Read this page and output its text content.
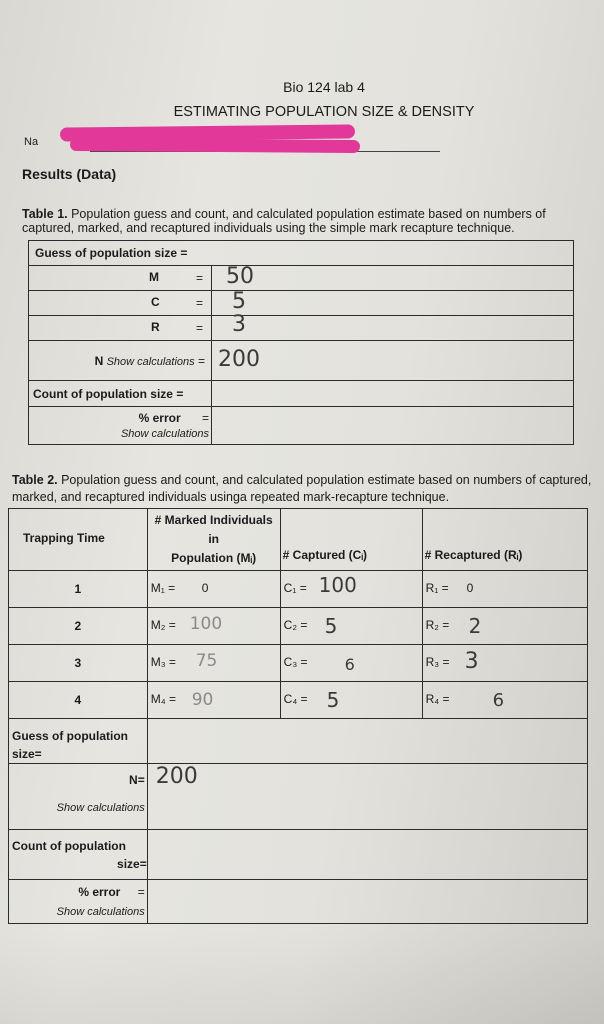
Bio 124 lab 4
ESTIMATING POPULATION SIZE & DENSITY
Na
Results (Data)
Table 1. Population guess and count, and calculated population estimate based on numbers of captured, marked, and recaptured individuals using the simple mark recapture technique.
Guess of population size =	

M =	50

C =	5

R =	3

N Show calculations =	200

Count of population size =	

% error =
Show calculations	

Table 2. Population guess and count, and calculated population estimate based on numbers of captured, marked, and recaptured individuals usinga repeated mark-recapture technique.
Trapping Time	# Marked Individuals
in
Population (Mᵢ)	# Captured (Cᵢ)	# Recaptured (Rᵢ)
1	M₁ = 0	C₁ = 100	R₁ = 0

2	M₂ = 100	C₂ = 5	R₂ = 2

3	M₃ = 75	C₃ = 6	R₃ = 3

4	M₄ = 90	C₄ = 5	R₄ = 6

Guess of population
size=			

N=
Show calculations	200		

Count of population
size=			

% error =
Show calculations			
